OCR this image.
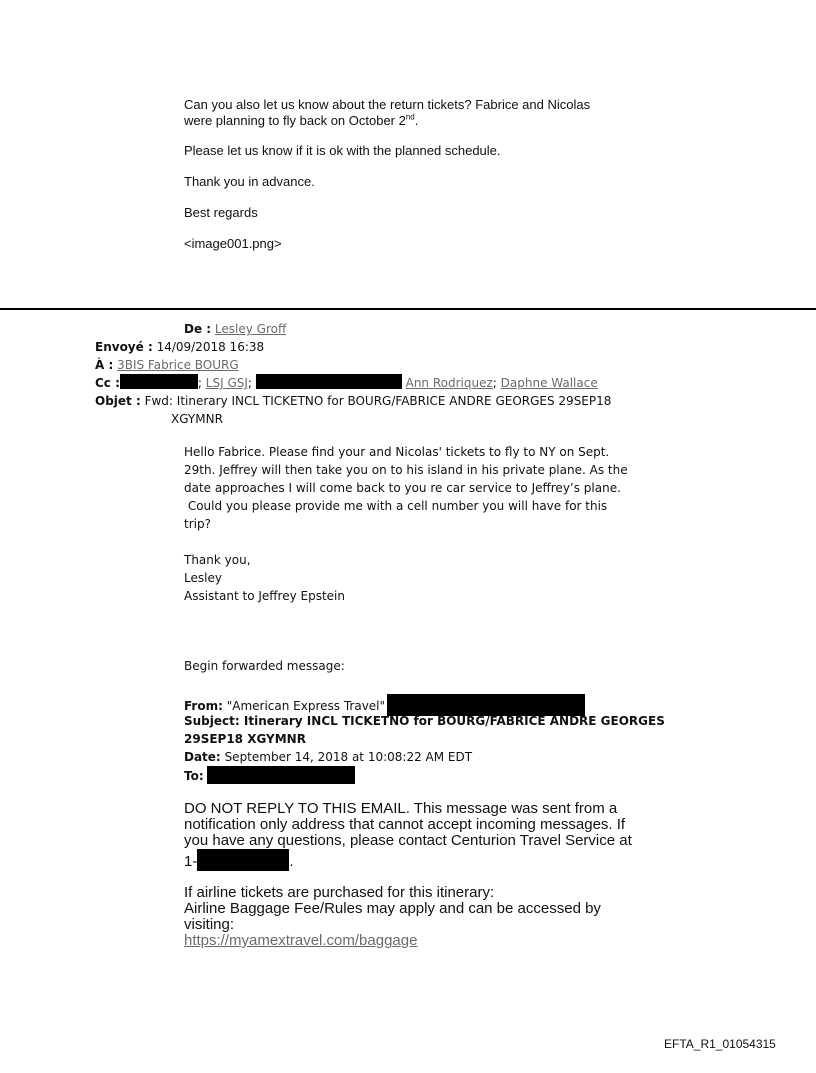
Can you also let us know about the return tickets? Fabrice and Nicolas
were planning to fly back on October 2nd.
Please let us know if it is ok with the planned schedule.
Thank you in advance.
Best regards
<image001.png>
De : Lesley Groff
Envoyé : 14/09/2018 16:38
À : 3BIS Fabrice BOURG
Cc :	; LSJ GSJ;	Ann Rodriquez; Daphne Wallace
Objet : Fwd: Itinerary INCL TICKETNO for BOURG/FABRICE ANDRE GEORGES 29SEP18
XGYMNR
Hello Fabrice. Please find your and Nicolas' tickets to fly to NY on Sept.
29th. Jeffrey will then take you on to his island in his private plane. As the
date approaches I will come back to you re car service to Jeffrey’s plane.
Could you please provide me with a cell number you will have for this
trip?
Thank you,
Lesley
Assistant to Jeffrey Epstein
Begin forwarded message:
From: "American Express Travel"
Subject: Itinerary INCL TICKETNO for BOURG/FABRICE ANDRE GEORGES
29SEP18 XGYMNR
Date: September 14, 2018 at 10:08:22 AM EDT
To:
DO NOT REPLY TO THIS EMAIL. This message was sent from a
notification only address that cannot accept incoming messages. If
you have any questions, please contact Centurion Travel Service at
1-	.
If airline tickets are purchased for this itinerary:
Airline Baggage Fee/Rules may apply and can be accessed by
visiting:
https://myamextravel.com/baggage
EFTA_R1_01054315
